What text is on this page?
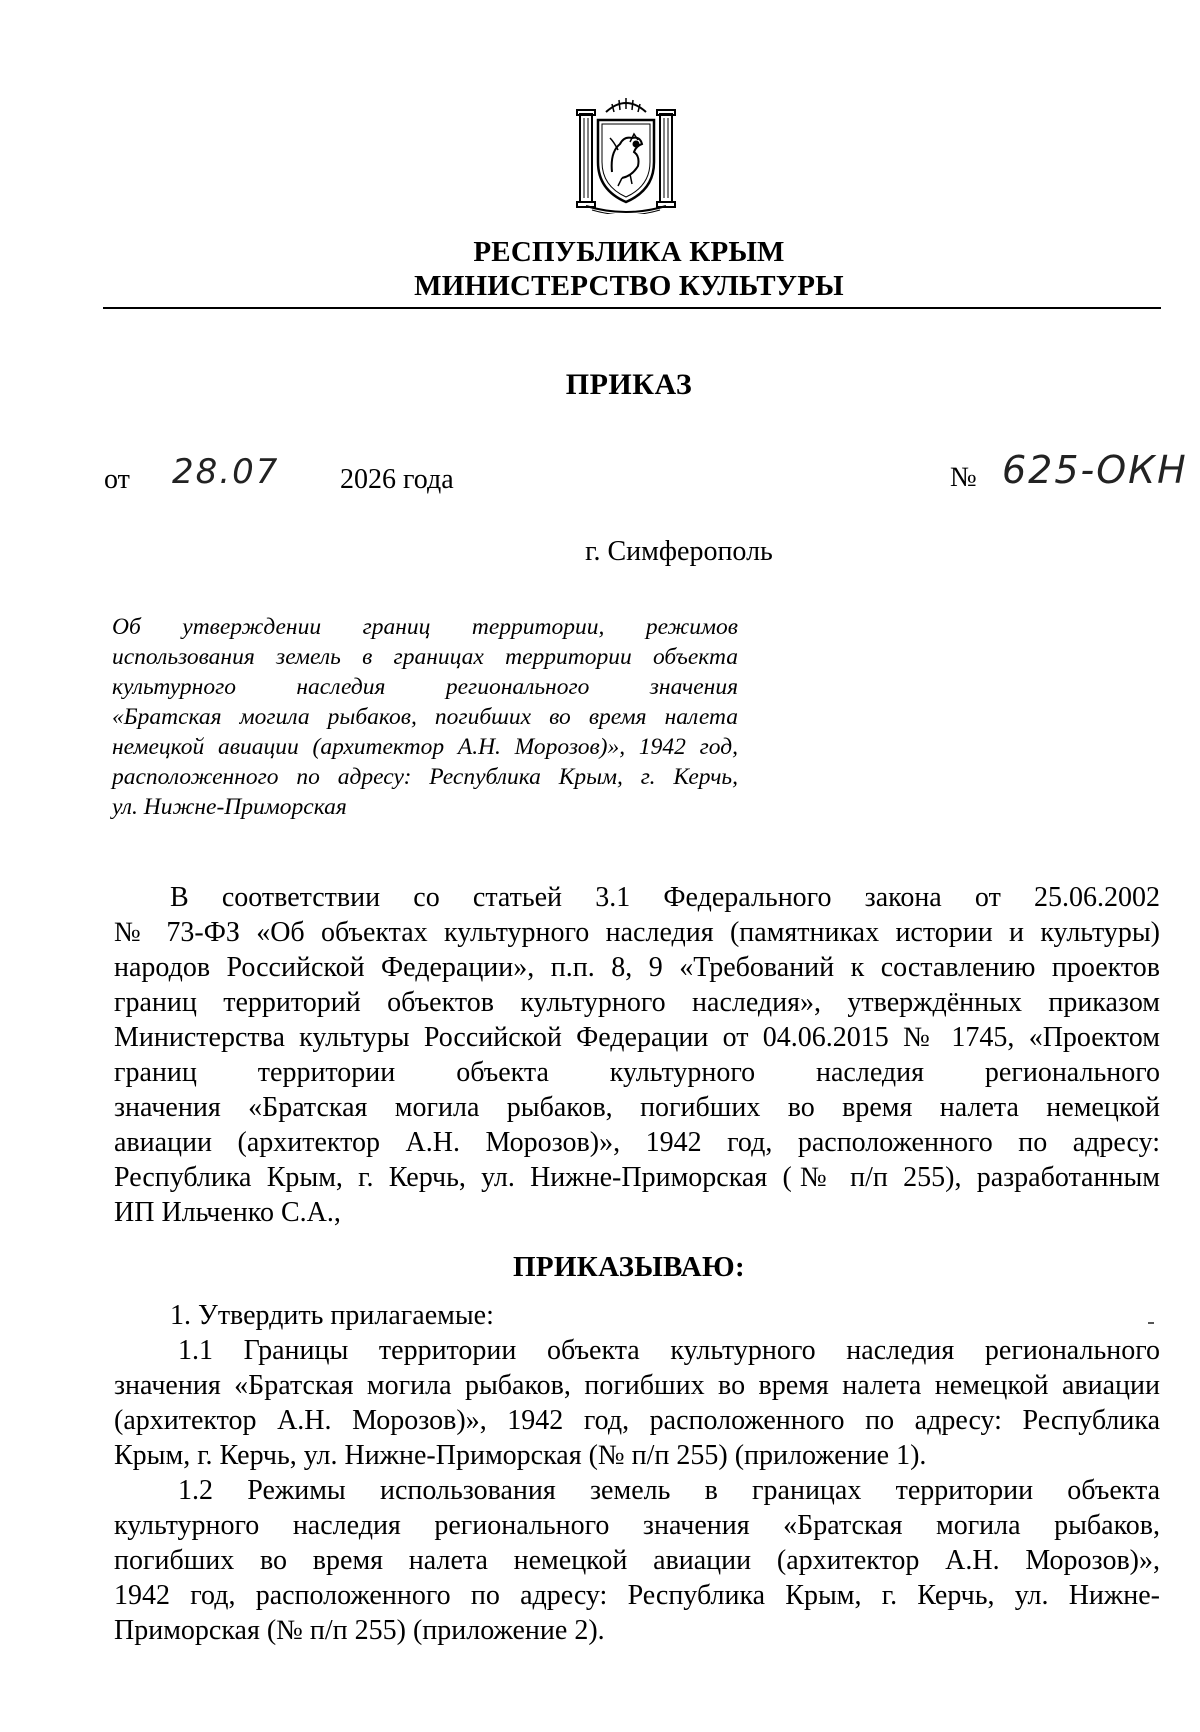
РЕСПУБЛИКА КРЫМ
МИНИСТЕРСТВО КУЛЬТУРЫ
ПРИКАЗ
от 28.07 2026 года	№ 625-ОКН
г. Симферополь
Об утверждении границ территории, режимов
использования земель в границах территории объекта
культурного наследия регионального значения
«Братская могила рыбаков, погибших во время налета
немецкой авиации (архитектор А.Н. Морозов)», 1942 год,
расположенного по адресу: Республика Крым, г. Керчь,
ул. Нижне-Приморская
В соответствии со статьей 3.1 Федерального закона от 25.06.2002
№ 73-ФЗ «Об объектах культурного наследия (памятниках истории и культуры)
народов Российской Федерации», п.п. 8, 9 «Требований к составлению проектов
границ территорий объектов культурного наследия», утверждённых приказом
Министерства культуры Российской Федерации от 04.06.2015 № 1745, «Проектом
границ территории объекта культурного наследия регионального
значения «Братская могила рыбаков, погибших во время налета немецкой
авиации (архитектор А.Н. Морозов)», 1942 год, расположенного по адресу:
Республика Крым, г. Керчь, ул. Нижне-Приморская (№ п/п 255), разработанным
ИП Ильченко С.А.,
ПРИКАЗЫВАЮ:
1. Утвердить прилагаемые:
1.1 Границы территории объекта культурного наследия регионального
значения «Братская могила рыбаков, погибших во время налета немецкой авиации
(архитектор А.Н. Морозов)», 1942 год, расположенного по адресу: Республика
Крым, г. Керчь, ул. Нижне-Приморская (№ п/п 255) (приложение 1).
1.2 Режимы использования земель в границах территории объекта
культурного наследия регионального значения «Братская могила рыбаков,
погибших во время налета немецкой авиации (архитектор А.Н. Морозов)»,
1942 год, расположенного по адресу: Республика Крым, г. Керчь, ул. Нижне-
Приморская (№ п/п 255) (приложение 2).
